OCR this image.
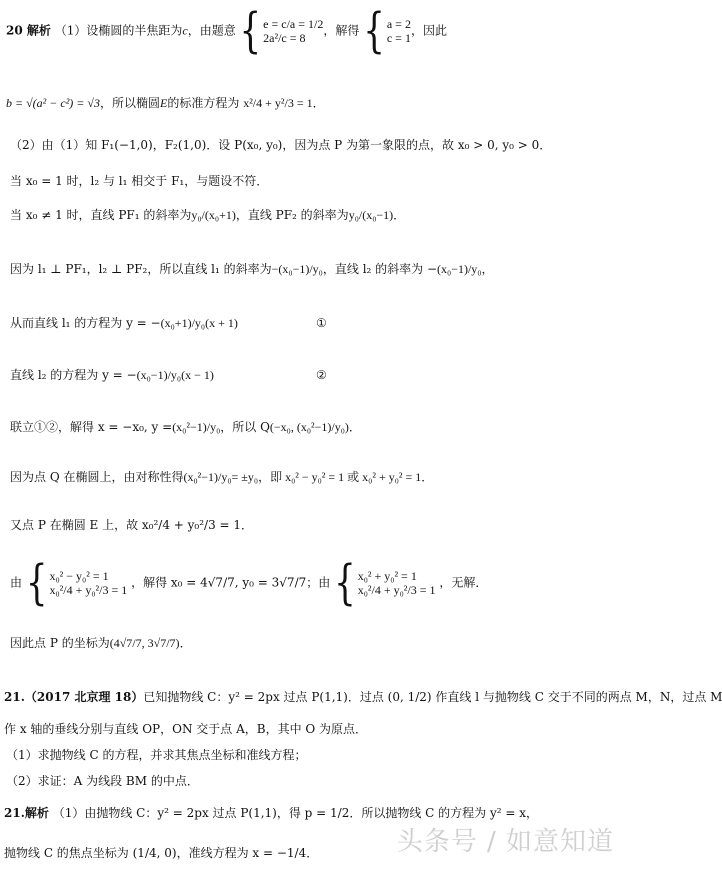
20 解析 （1）设椭圆的半焦距为c，由题意 { e = c/a = 1/2
2a²/c = 8
，解得 { a = 2
c = 1
，因此
b = √(a² − c²) = √3，所以椭圆E的标准方程为 x²/4 + y²/3 = 1．
（2）由（1）知 F₁(−1,0)，F₂(1,0)．设 P(x₀, y₀)，因为点 P 为第一象限的点，故 x₀ > 0, y₀ > 0．
当 x₀ = 1 时，l₂ 与 l₁ 相交于 F₁，与题设不符．
当 x₀ ≠ 1 时，直线 PF₁ 的斜率为y₀/(x₀+1)，直线 PF₂ 的斜率为y₀/(x₀−1)．
因为 l₁ ⊥ PF₁，l₂ ⊥ PF₂，所以直线 l₁ 的斜率为−(x₀−1)/y₀，直线 l₂ 的斜率为 −(x₀−1)/y₀，
从而直线 l₁ 的方程为 y = −(x₀+1)/y₀(x + 1)	①
直线 l₂ 的方程为 y = −(x₀−1)/y₀(x − 1)	②
联立①②，解得 x = −x₀, y =(x₀²−1)/y₀，所以 Q(−x₀, (x₀²−1)/y₀)．
因为点 Q 在椭圆上，由对称性得(x₀²−1)/y₀= ±y₀，即 x₀² − y₀² = 1 或 x₀² + y₀² = 1．
又点 P 在椭圆 E 上，故 x₀²/4 + y₀²/3 = 1．
由 { x₀² − y₀² = 1
x₀²/4 + y₀²/3 = 1
，解得 x₀ = 4√7/7, y₀ = 3√7/7；由 { x₀² + y₀² = 1
x₀²/4 + y₀²/3 = 1
，无解．
因此点 P 的坐标为(4√7/7, 3√7/7)．
21.（2017 北京理 18）已知抛物线 C：y² = 2px 过点 P(1,1)．过点 (0, 1/2) 作直线 l 与抛物线 C 交于不同的两点 M，N，过点 M
作 x 轴的垂线分别与直线 OP，ON 交于点 A，B，其中 O 为原点．
（1）求抛物线 C 的方程，并求其焦点坐标和准线方程；
（2）求证：A 为线段 BM 的中点．
21.解析 （1）由抛物线 C：y² = 2px 过点 P(1,1)，得 p = 1/2．所以抛物线 C 的方程为 y² = x，
抛物线 C 的焦点坐标为 (1/4, 0)，准线方程为 x = −1/4．	头条号 / 如意知道
